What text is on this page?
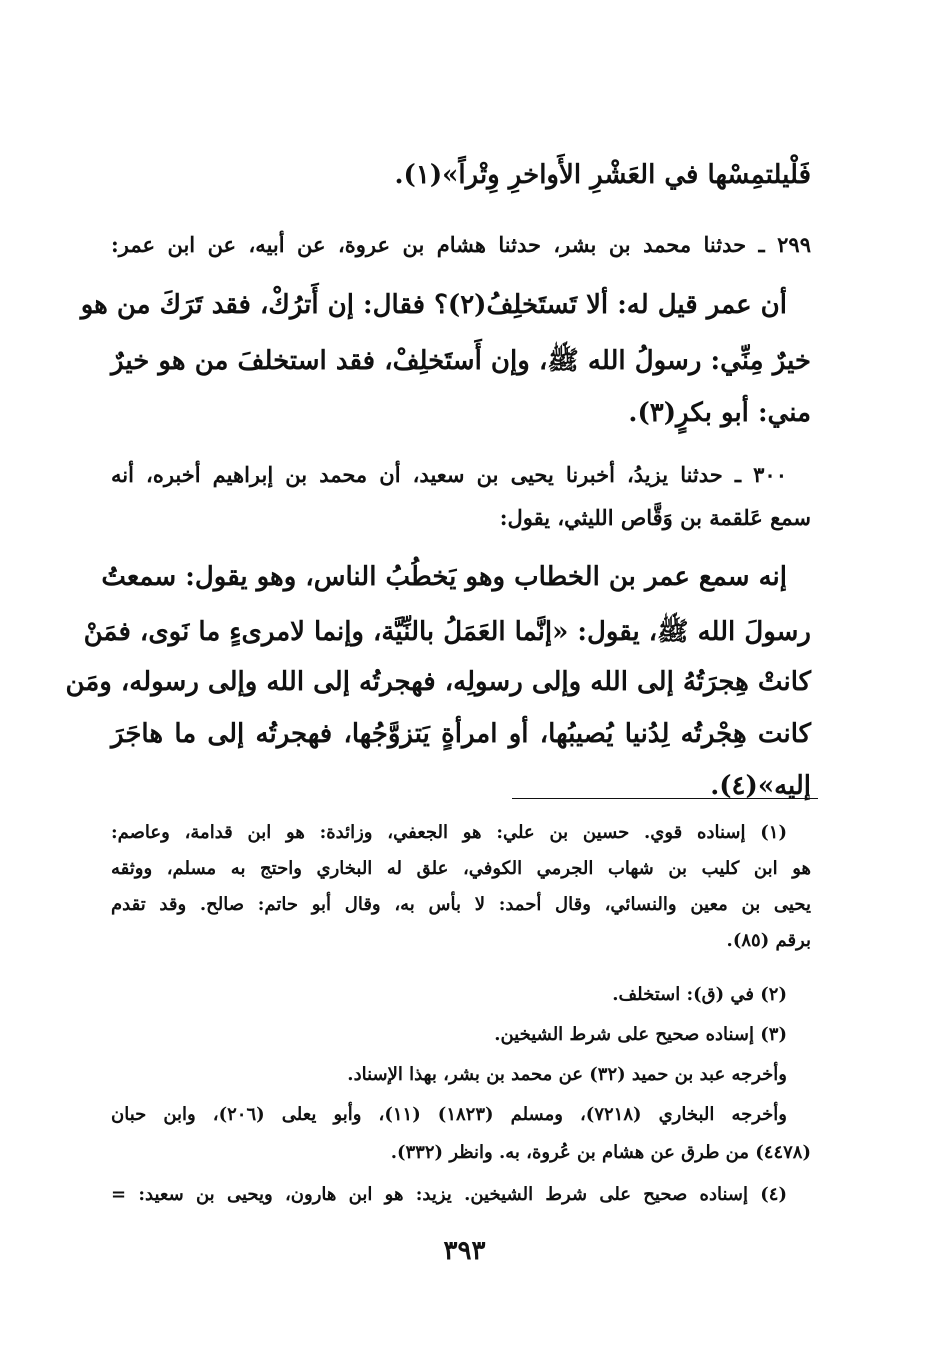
فَلْيلتمِسْها في العَشْرِ الأَواخرِ وِتْراً»(١).
٢٩٩ ـ حدثنا محمد بن بشر، حدثنا هشام بن عروة، عن أبيه، عن ابن عمر:
أن عمر قيل له: ألا تَستَخلِفُ(٢)؟ فقال: إن أَترُكْ، فقد تَرَكَ من هو
خيرٌ مِنِّي: رسولُ الله ﷺ، وإن أَستَخلِفْ، فقد استخلفَ من هو خيرٌ
مني: أبو بكرٍ(٣).
٣٠٠ ـ حدثنا يزيدُ، أخبرنا يحيى بن سعيد، أن محمد بن إبراهيم أخبره، أنه
سمع عَلقمة بن وَقَّاص الليثي، يقول:
إنه سمع عمر بن الخطاب وهو يَخطُبُ الناس، وهو يقول: سمعتُ
رسولَ الله ﷺ، يقول: «إنَّما العَمَلُ بالنِّيَّة، وإنما لامرىءٍ ما نَوى، فمَنْ
كانتْ هِجرَتُهُ إلى الله وإلى رسولِه، فهجرتُه إلى الله وإلى رسوله، ومَن
كانت هِجْرتُه لِدُنيا يُصيبُها، أو امرأةٍ يَتزوَّجُها، فهجرتُه إلى ما هاجَرَ
إليه»(٤).
(١) إسناده قوي. حسين بن علي: هو الجعفي، وزائدة: هو ابن قدامة، وعاصم:
هو ابن كليب بن شهاب الجرمي الكوفي، علق له البخاري واحتج به مسلم، ووثقه
يحيى بن معين والنسائي، وقال أحمد: لا بأس به، وقال أبو حاتم: صالح. وقد تقدم
برقم (٨٥).
(٢) في (ق): استخلف.
(٣) إسناده صحيح على شرط الشيخين.
وأخرجه عبد بن حميد (٣٢) عن محمد بن بشر، بهذا الإسناد.
وأخرجه البخاري (٧٢١٨)، ومسلم (١٨٢٣) (١١)، وأبو يعلى (٢٠٦)، وابن حبان
(٤٤٧٨) من طرق عن هشام بن عُروة، به. وانظر (٣٣٢).
(٤) إسناده صحيح على شرط الشيخين. يزيد: هو ابن هارون، ويحيى بن سعيد: =
٣٩٣
